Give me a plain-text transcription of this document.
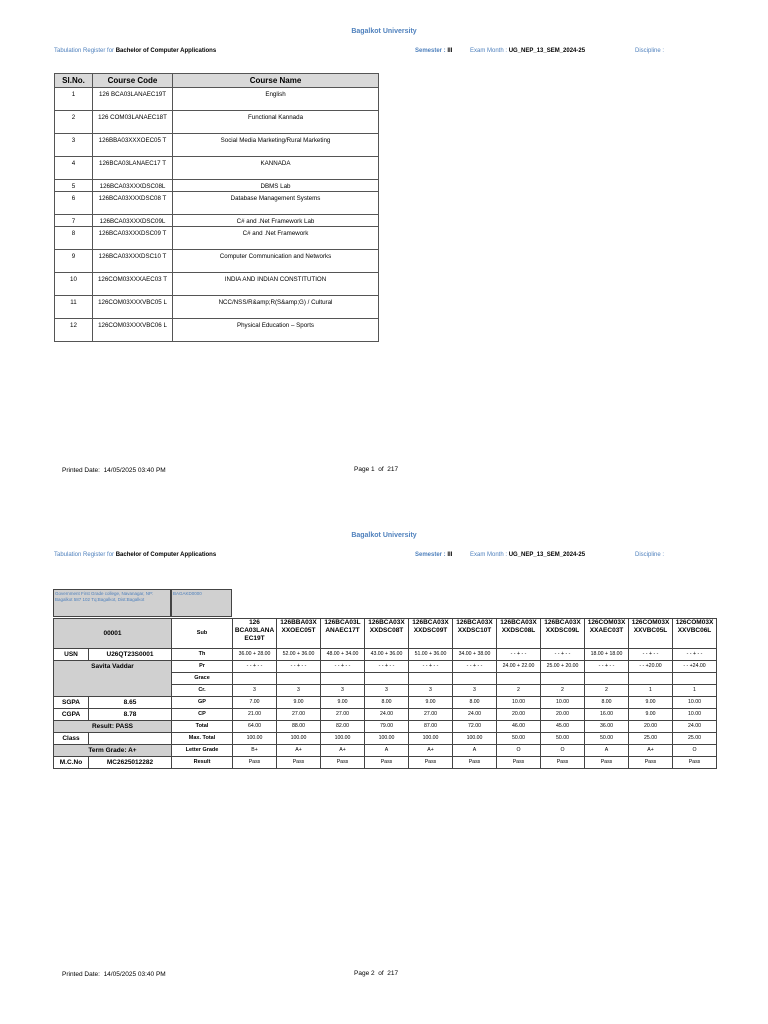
Bagalkot University
Tabulation Register for Bachelor of Computer Applications	Semester : III	Exam Month : UG_NEP_13_SEM_2024-25	Discipline :
Sl.No.	Course Code	Course Name
1	126 BCA03LANAEC19T	English
2	126 COM03LANAEC18T	Functional Kannada
3	126BBA03XXXOEC05 T	Social Media Marketing/Rural Marketing
4	126BCA03LANAEC17 T	KANNADA
5	126BCA03XXXDSC08L	DBMS Lab
6	126BCA03XXXDSC08 T	Database Management Systems
7	126BCA03XXXDSC09L	C# and .Net Framework Lab
8	126BCA03XXXDSC09 T	C# and .Net Framework
9	126BCA03XXXDSC10 T	Computer Communication and Networks
10	126COM03XXXAEC03 T	INDIA AND INDIAN CONSTITUTION
11	126COM03XXXVBC05 L	NCC/NSS/R&amp;R(S&amp;G) / Cultural
12	126COM03XXXVBC06 L	Physical Education – Sports
Printed Date: 14/05/2025 03:40 PM	Page 1 of 217
Bagalkot University
Tabulation Register for Bachelor of Computer Applications	Semester : III	Exam Month : UG_NEP_13_SEM_2024-25	Discipline :
Government First Grade college, Navanagar, NP: Bagalkot 587 102 Tq:Bagalkot, Dist:Bagalkot
BAGAKD0000
00001		Sub	126 BCA03LANA EC19T	126BBA03X XXOEC05T	126BCA03L ANAEC17T	126BCA03X XXDSC08T	126BCA03X XXDSC09T	126BCA03X XXDSC10T	126BCA03X XXDSC08L	126BCA03X XXDSC09L	126COM03X XXAEC03T	126COM03X XXVBC05L	126COM03X XXVBC06L
USN	U26QT23S0001	Th	36.00 + 28.00	52.00 + 36.00	48.00 + 34.00	43.00 + 36.00	51.00 + 36.00	34.00 + 38.00	- - + - -	- - + - -	18.00 + 18.00	- - + - -	- - + - -
Savita Vaddar		Pr	- - + - -	- - + - -	- - + - -	- - + - -	- - + - -	- - + - -	24.00 + 22.00	25.00 + 20.00	- - + - -	- - +20.00	- - +24.00
		Grace											
		Cr.	3	3	3	3	3	3	2	2	2	1	1
SGPA	8.65	GP	7.00	9.00	9.00	8.00	9.00	8.00	10.00	10.00	8.00	9.00	10.00
CGPA	8.78	CP	21.00	27.00	27.00	24.00	27.00	24.00	20.00	20.00	16.00	9.00	10.00
Result: PASS		Total	64.00	88.00	82.00	79.00	87.00	72.00	46.00	45.00	36.00	20.00	24.00
Class		Max. Total	100.00	100.00	100.00	100.00	100.00	100.00	50.00	50.00	50.00	25.00	25.00
Term Grade: A+		Letter Grade	B+	A+	A+	A	A+	A	O	O	A	A+	O
M.C.No	MC2625012282	Result	Pass	Pass	Pass	Pass	Pass	Pass	Pass	Pass	Pass	Pass	Pass
Printed Date: 14/05/2025 03:40 PM	Page 2 of 217
